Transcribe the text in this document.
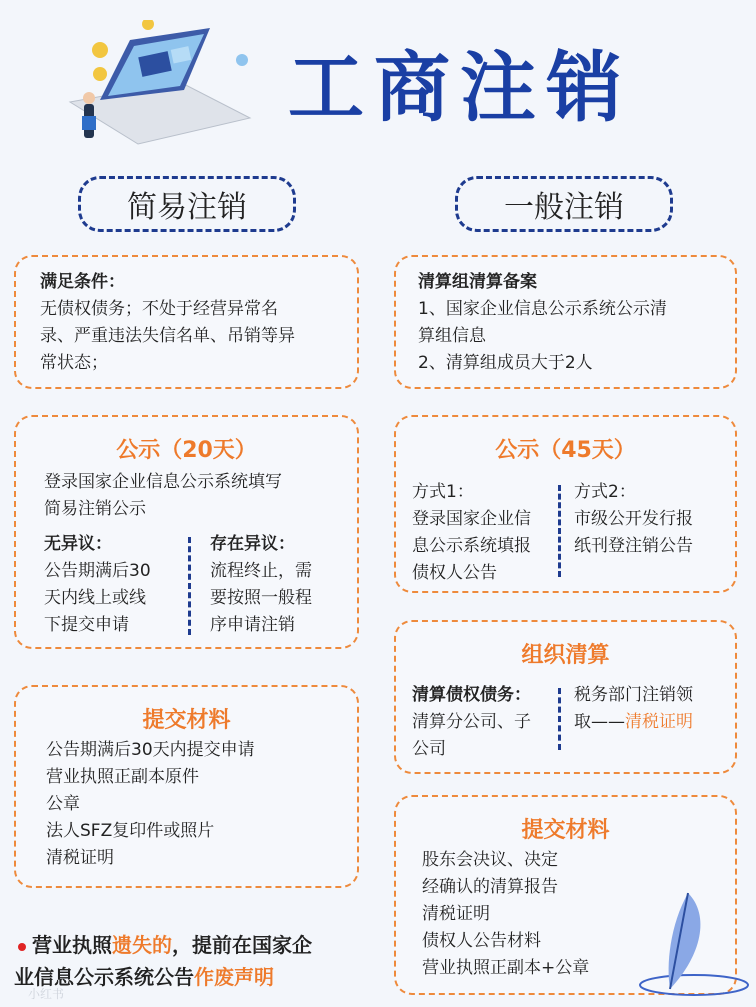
工商注销
简易注销	一般注销
满足条件：
无债权债务；不处于经营异常名
录、严重违法失信名单、吊销等异
常状态；
公示（20天）
登录国家企业信息公示系统填写
简易注销公示
无异议：
公告期满后30
天内线上或线
下提交申请
存在异议：
流程终止，需
要按照一般程
序申请注销
提交材料
公告期满后30天内提交申请
营业执照正副本原件
公章
法人SFZ复印件或照片
清税证明
清算组清算备案
1、国家企业信息公示系统公示清
算组信息
2、清算组成员大于2人
公示（45天）
方式1：
登录国家企业信
息公示系统填报
债权人公告
方式2：
市级公开发行报
纸刊登注销公告
组织清算
清算债权债务：
清算分公司、子
公司
税务部门注销领
取——清税证明
提交材料
股东会决议、决定
经确认的清算报告
清税证明
债权人公告材料
营业执照正副本+公章
营业执照遗失的，提前在国家企
业信息公示系统公告作废声明
小红书
